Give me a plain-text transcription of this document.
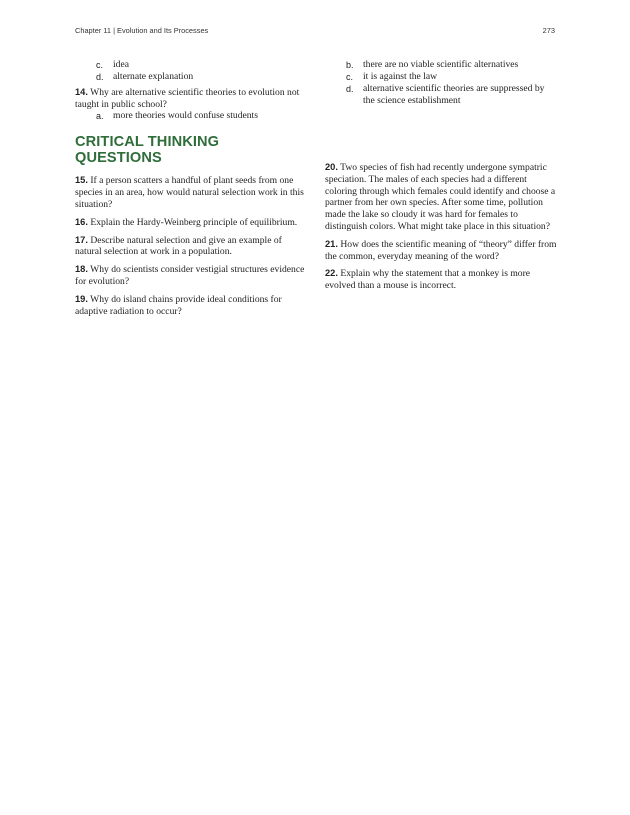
Chapter 11 | Evolution and Its Processes	273
c. idea
d. alternate explanation
14. Why are alternative scientific theories to evolution not taught in public school?
a. more theories would confuse students
CRITICAL THINKING QUESTIONS
15. If a person scatters a handful of plant seeds from one species in an area, how would natural selection work in this situation?
16. Explain the Hardy-Weinberg principle of equilibrium.
17. Describe natural selection and give an example of natural selection at work in a population.
18. Why do scientists consider vestigial structures evidence for evolution?
19. Why do island chains provide ideal conditions for adaptive radiation to occur?
b. there are no viable scientific alternatives
c. it is against the law
d. alternative scientific theories are suppressed by the science establishment
20. Two species of fish had recently undergone sympatric speciation. The males of each species had a different coloring through which females could identify and choose a partner from her own species. After some time, pollution made the lake so cloudy it was hard for females to distinguish colors. What might take place in this situation?
21. How does the scientific meaning of “theory” differ from the common, everyday meaning of the word?
22. Explain why the statement that a monkey is more evolved than a mouse is incorrect.
